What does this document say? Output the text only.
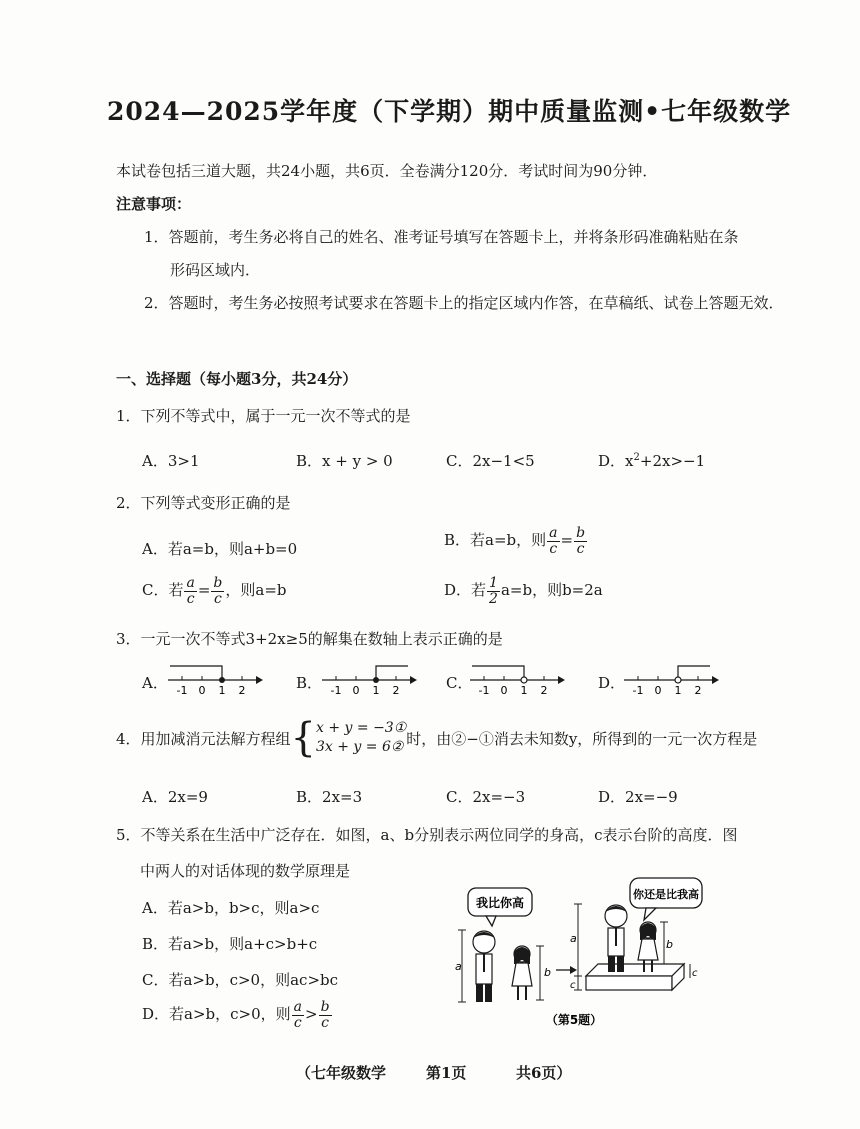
2024—2025学年度（下学期）期中质量监测•七年级数学
本试卷包括三道大题，共24小题，共6页．全卷满分120分．考试时间为90分钟．
注意事项：
1．答题前，考生务必将自己的姓名、准考证号填写在答题卡上，并将条形码准确粘贴在条
形码区域内．
2．答题时，考生务必按照考试要求在答题卡上的指定区域内作答，在草稿纸、试卷上答题无效．
一、选择题（每小题3分，共24分）
1．下列不等式中，属于一元一次不等式的是
A．3>1	B．x + y > 0	C．2x−1<5	D．$x^2+2x>-1$
2．下列等式变形正确的是
A．若a=b，则a+b=0	B．若a=b，则 $\frac{a}{c} = \frac{b}{c}$
C．若 $\frac{a}{c} = \frac{b}{c}$ ，则a=b	D．若 $\frac{1}{2} a=b$，则b=2a
3．一元一次不等式3+2x≥5的解集在数轴上表示正确的是
A．	B．	C．	D．
-1 0 1 2	-1 0 1 2	-1 0 1 2	-1 0 1 2
4．用加减消元法解方程组 { x + y = −3①
3x + y = 6② 时，由②−①消去未知数y，所得到的一元一次方程是
A．2x=9	B．2x=3	C．2x=−3	D．2x=−9
5．不等关系在生活中广泛存在．如图，a、b分别表示两位同学的身高，c表示台阶的高度．图
中两人的对话体现的数学原理是
A．若a>b，b>c，则a>c
B．若a>b，则a+c>b+c
C．若a>b，c>0，则ac>bc
D．若a>b，c>0，则 $\frac{a}{c} > \frac{b}{c}$
我比你高
你还是比我高
a	b
a
c
b
c
（第5题）
（七年级数学	第1页	共6页）
